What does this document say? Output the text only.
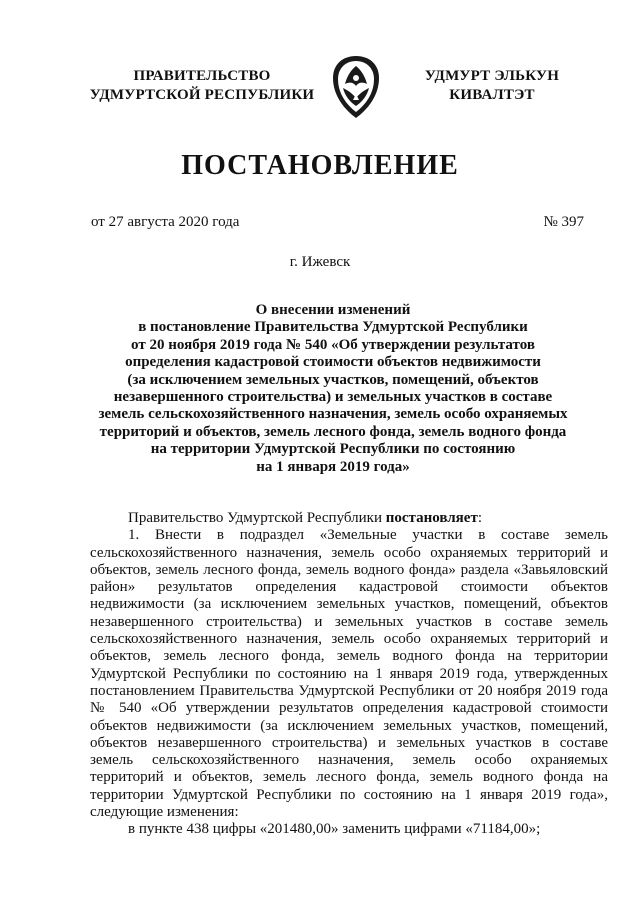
ПРАВИТЕЛЬСТВО
УДМУРТСКОЙ РЕСПУБЛИКИ
УДМУРТ ЭЛЬКУН
КИВАЛТЭТ
ПОСТАНОВЛЕНИЕ
от 27 августа 2020 года	№ 397
г. Ижевск
О внесении изменений
в постановление Правительства Удмуртской Республики
от 20 ноября 2019 года № 540 «Об утверждении результатов
определения кадастровой стоимости объектов недвижимости
(за исключением земельных участков, помещений, объектов
незавершенного строительства) и земельных участков в составе
земель сельскохозяйственного назначения, земель особо охраняемых
территорий и объектов, земель лесного фонда, земель водного фонда
на территории Удмуртской Республики по состоянию
на 1 января 2019 года»
Правительство Удмуртской Республики постановляет:
1. Внести в подраздел «Земельные участки в составе земель
сельскохозяйственного назначения, земель особо охраняемых территорий и
объектов, земель лесного фонда, земель водного фонда» раздела «Завьяловский
район» результатов определения кадастровой стоимости объектов
недвижимости (за исключением земельных участков, помещений, объектов
незавершенного строительства) и земельных участков в составе земель
сельскохозяйственного назначения, земель особо охраняемых территорий и
объектов, земель лесного фонда, земель водного фонда на территории
Удмуртской Республики по состоянию на 1 января 2019 года, утвержденных
постановлением Правительства Удмуртской Республики от 20 ноября 2019 года
№ 540 «Об утверждении результатов определения кадастровой стоимости
объектов недвижимости (за исключением земельных участков, помещений,
объектов незавершенного строительства) и земельных участков в составе
земель сельскохозяйственного назначения, земель особо охраняемых
территорий и объектов, земель лесного фонда, земель водного фонда на
территории Удмуртской Республики по состоянию на 1 января 2019 года»,
следующие изменения:
в пункте 438 цифры «201480,00» заменить цифрами «71184,00»;
